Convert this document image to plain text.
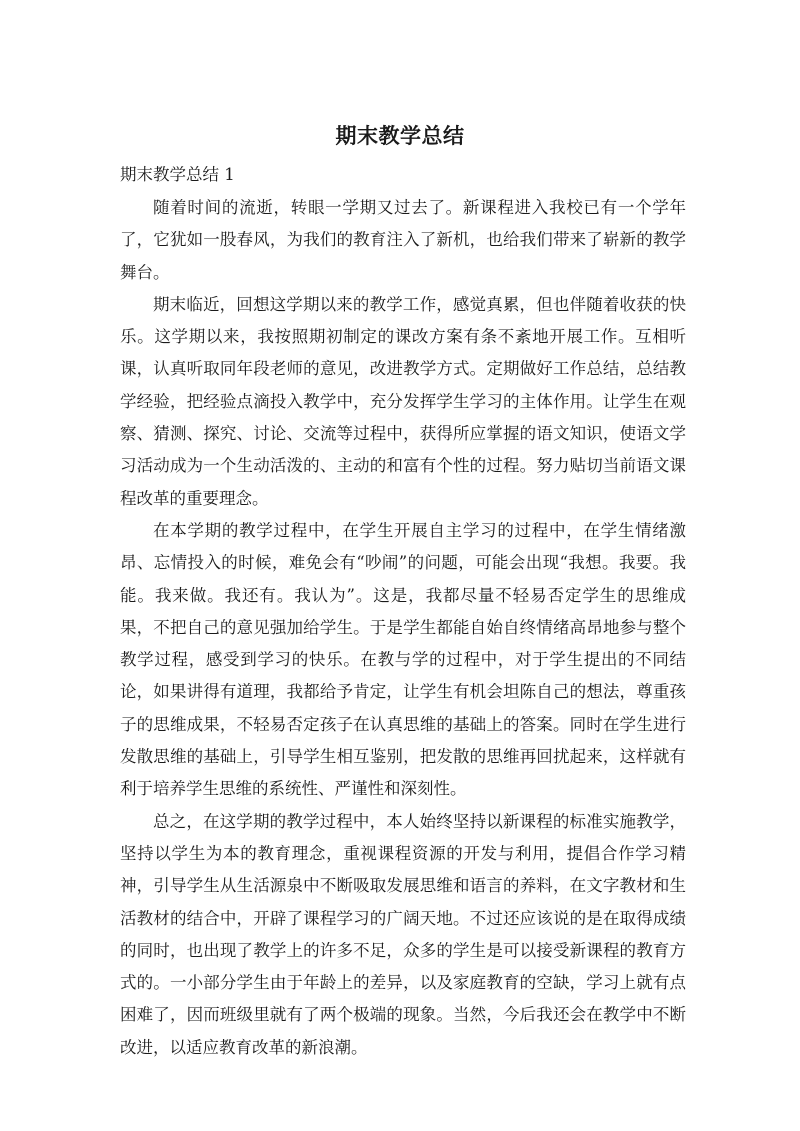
期末教学总结
期末教学总结 1

随着时间的流逝，转眼一学期又过去了。新课程进入我校已有一个学年了，它犹如一股春风，为我们的教育注入了新机，也给我们带来了崭新的教学舞台。

期末临近，回想这学期以来的教学工作，感觉真累，但也伴随着收获的快乐。这学期以来，我按照期初制定的课改方案有条不紊地开展工作。互相听课，认真听取同年段老师的意见，改进教学方式。定期做好工作总结，总结教学经验，把经验点滴投入教学中，充分发挥学生学习的主体作用。让学生在观察、猜测、探究、讨论、交流等过程中，获得所应掌握的语文知识，使语文学习活动成为一个生动活泼的、主动的和富有个性的过程。努力贴切当前语文课程改革的重要理念。

在本学期的教学过程中，在学生开展自主学习的过程中，在学生情绪激昂、忘情投入的时候，难免会有“吵闹”的问题，可能会出现“我想。我要。我能。我来做。我还有。我认为”。这是，我都尽量不轻易否定学生的思维成果，不把自己的意见强加给学生。于是学生都能自始自终情绪高昂地参与整个教学过程，感受到学习的快乐。在教与学的过程中，对于学生提出的不同结论，如果讲得有道理，我都给予肯定，让学生有机会坦陈自己的想法，尊重孩子的思维成果，不轻易否定孩子在认真思维的基础上的答案。同时在学生进行发散思维的基础上，引导学生相互鉴别，把发散的思维再回扰起来，这样就有利于培养学生思维的系统性、严谨性和深刻性。

总之，在这学期的教学过程中，本人始终坚持以新课程的标准实施教学，坚持以学生为本的教育理念，重视课程资源的开发与利用，提倡合作学习精神，引导学生从生活源泉中不断吸取发展思维和语言的养料，在文字教材和生活教材的结合中，开辟了课程学习的广阔天地。不过还应该说的是在取得成绩的同时，也出现了教学上的许多不足，众多的学生是可以接受新课程的教育方式的。一小部分学生由于年龄上的差异，以及家庭教育的空缺，学习上就有点困难了，因而班级里就有了两个极端的现象。当然，今后我还会在教学中不断改进，以适应教育改革的新浪潮。
